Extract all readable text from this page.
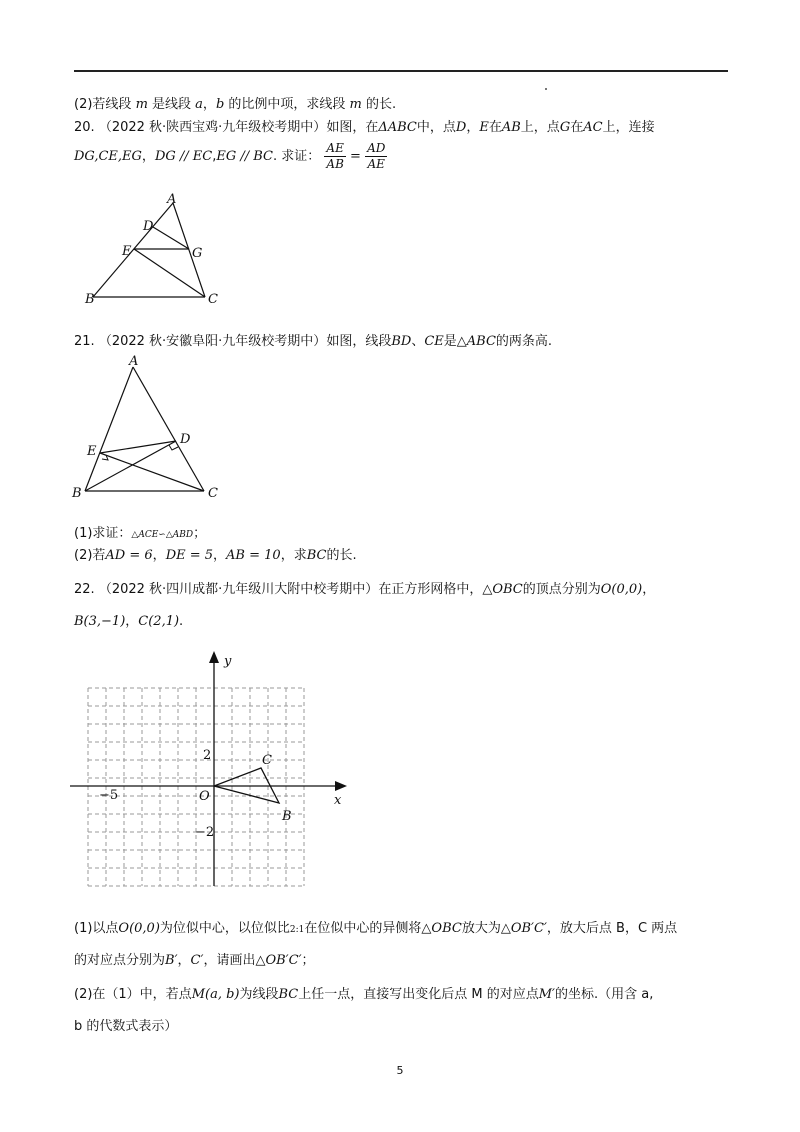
(2)若线段 m 是线段 a，b 的比例中项，求线段 m 的长.
20. （2022 秋·陕西宝鸡·九年级校考期中）如图，在ΔABC中，点D，E在AB上，点G在AC上，连接
DG,CE,EG，DG // EC,EG // BC. 求证： $\frac{AE}{AB} = \frac{AD}{AE}$
A
D
E	G
B	C
21. （2022 秋·安徽阜阳·九年级校考期中）如图，线段BD、CE是△ABC的两条高.
A
D
E
B	C
(1)求证：△ACE∽△ABD；
(2)若AD = 6，DE = 5，AB = 10，求BC的长.
22. （2022 秋·四川成都·九年级川大附中校考期中）在正方形网格中，△OBC的顶点分别为O(0,0)，
B(3,−1)，C(2,1).
x
y
O
−5
2
−2
B
C
(1)以点O(0,0)为位似中心，以位似比2:1在位似中心的异侧将△OBC放大为△OB′C′，放大后点 B，C 两点
的对应点分别为B′，C′，请画出△OB′C′；
(2)在（1）中，若点M(a, b)为线段BC上任一点，直接写出变化后点 M 的对应点M′的坐标.（用含 a,
b 的代数式表示）
5
